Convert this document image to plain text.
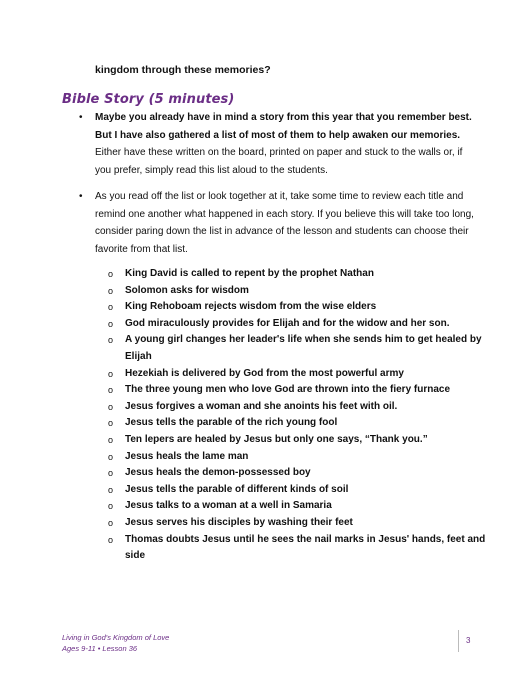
kingdom through these memories?
Bible Story (5 minutes)
• Maybe you already have in mind a story from this year that you remember best. But I have also gathered a list of most of them to help awaken our memories. Either have these written on the board, printed on paper and stuck to the walls or, if you prefer, simply read this list aloud to the students.
• As you read off the list or look together at it, take some time to review each title and remind one another what happened in each story. If you believe this will take too long, consider paring down the list in advance of the lesson and students can choose their favorite from that list.
o King David is called to repent by the prophet Nathan
o Solomon asks for wisdom
o King Rehoboam rejects wisdom from the wise elders
o God miraculously provides for Elijah and for the widow and her son.
o A young girl changes her leader's life when she sends him to get healed by Elijah
o Hezekiah is delivered by God from the most powerful army
o The three young men who love God are thrown into the fiery furnace
o Jesus forgives a woman and she anoints his feet with oil.
o Jesus tells the parable of the rich young fool
o Ten lepers are healed by Jesus but only one says, “Thank you.”
o Jesus heals the lame man
o Jesus heals the demon-possessed boy
o Jesus tells the parable of different kinds of soil
o Jesus talks to a woman at a well in Samaria
o Jesus serves his disciples by washing their feet
o Thomas doubts Jesus until he sees the nail marks in Jesus' hands, feet and side
Living in God's Kingdom of Love
Ages 9-11 • Lesson 36
3
